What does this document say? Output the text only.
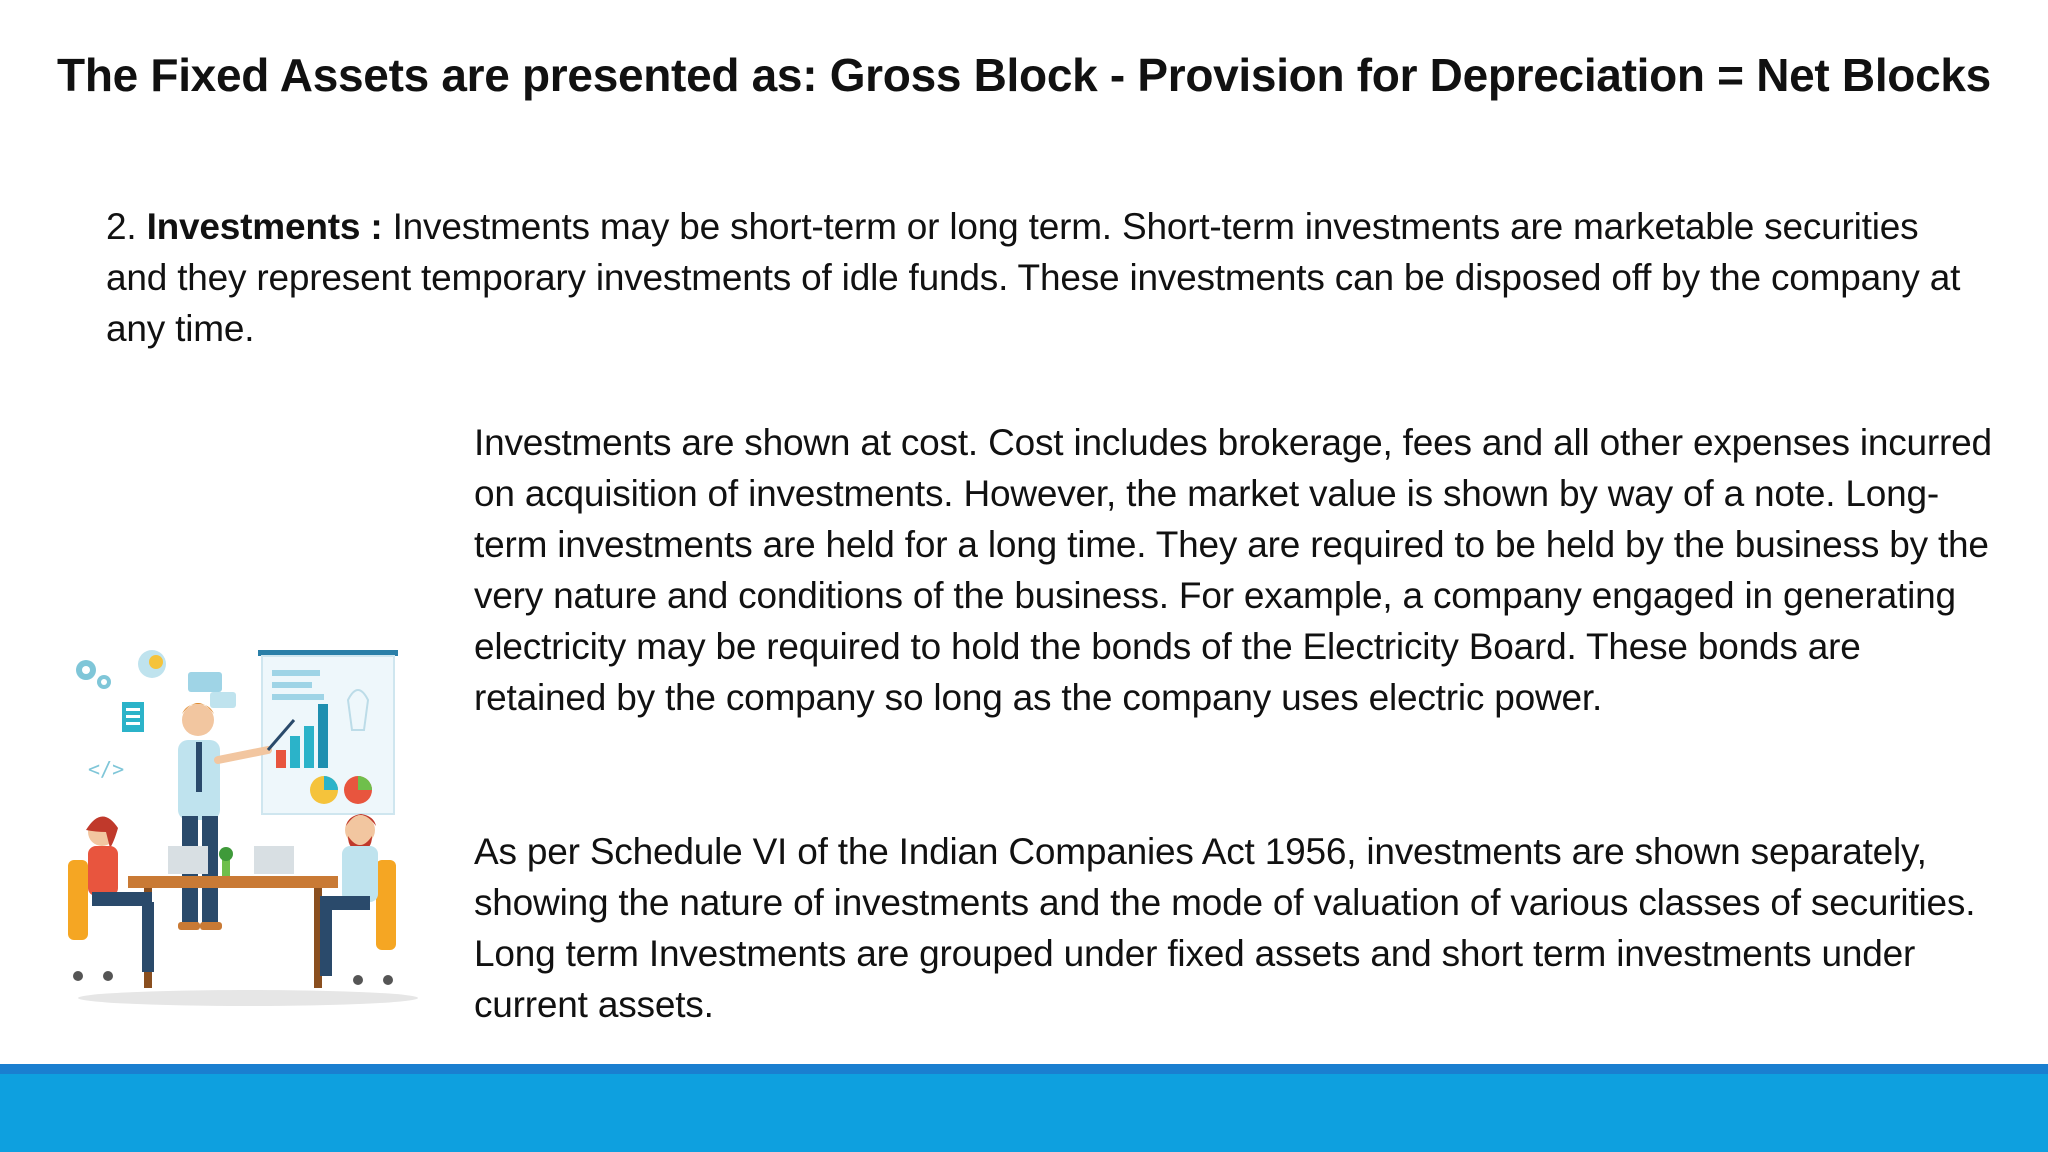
The Fixed Assets are presented as: Gross Block - Provision for Depreciation = Net Blocks
2. Investments : Investments may be short-term or long term. Short-term investments are marketable securities and they represent temporary investments of idle funds. These investments can be disposed off by the company at any time.
Investments are shown at cost. Cost includes brokerage, fees and all other expenses incurred on acquisition of investments. However, the market value is shown by way of a note. Long-term investments are held for a long time. They are required to be held by the business by the very nature and conditions of the business. For example, a company engaged in generating electricity may be required to hold the bonds of the Electricity Board. These bonds are retained by the company so long as the company uses electric power.
As per Schedule VI of the Indian Companies Act 1956, investments are shown separately, showing the nature of investments and the mode of valuation of various classes of securities. Long term Investments are grouped under fixed assets and short term investments under current assets.
</>
